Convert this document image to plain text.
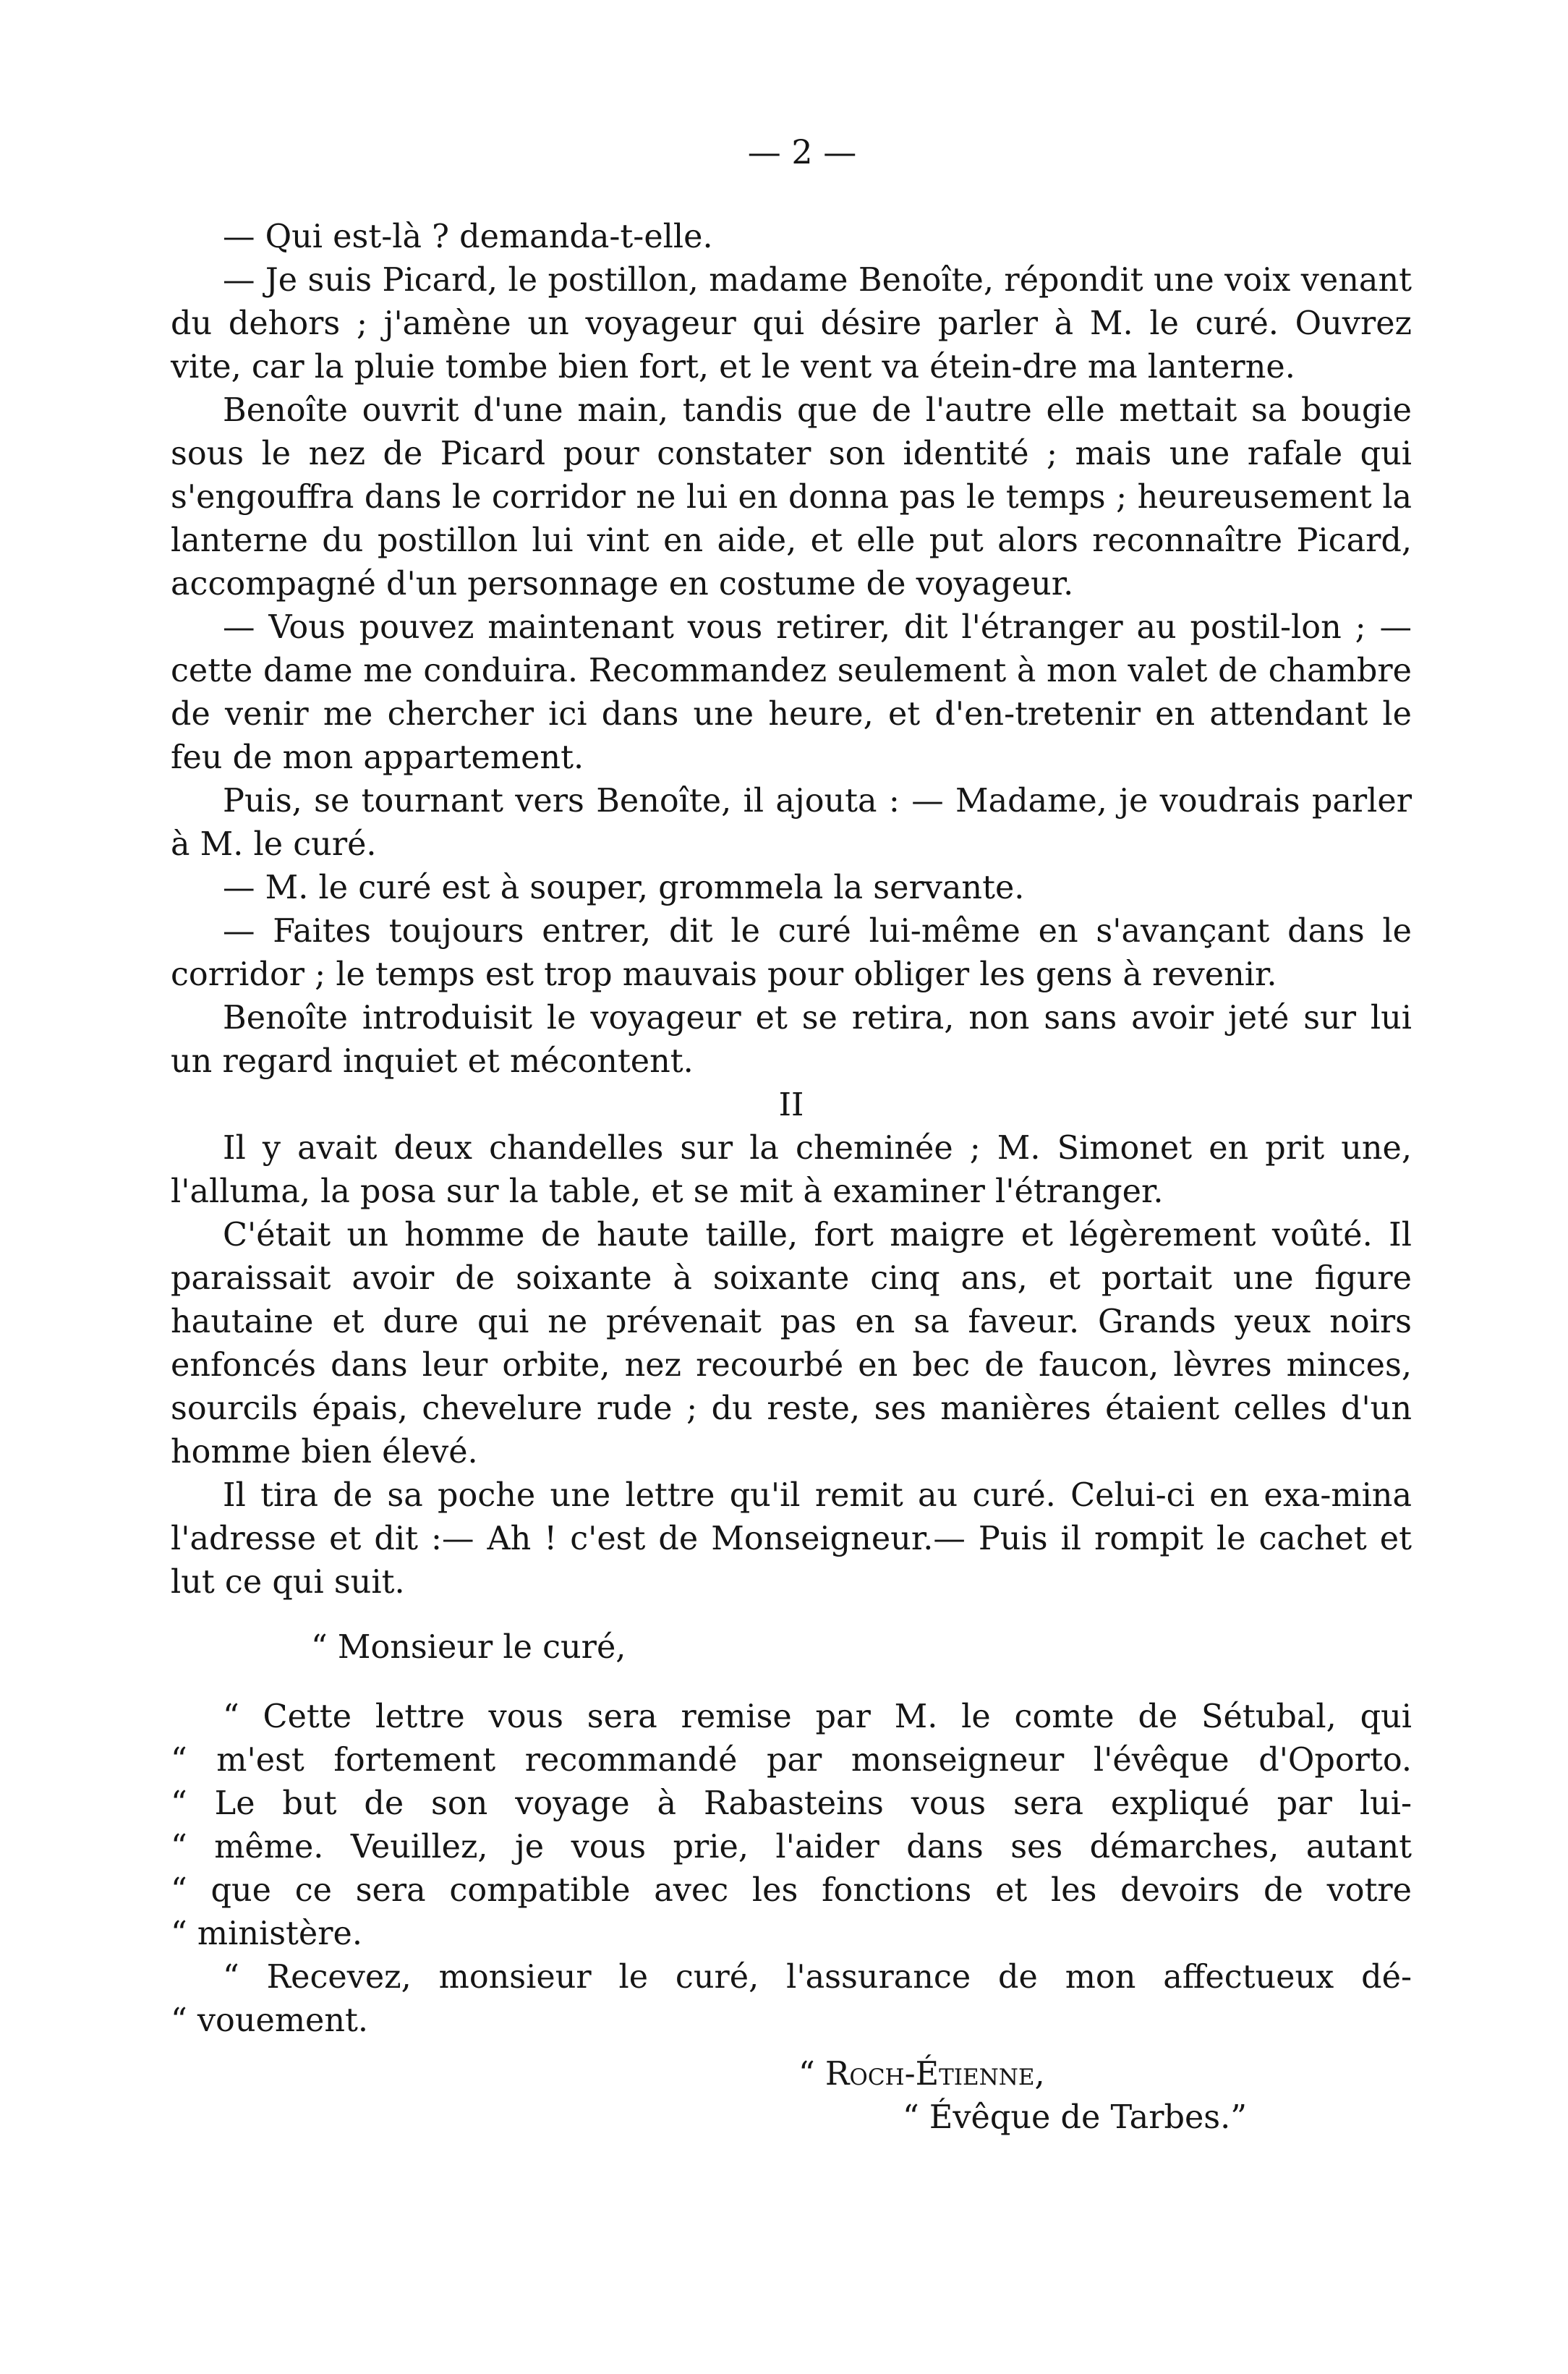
— 2 —

— Qui est-là ? demanda-t-elle.

— Je suis Picard, le postillon, madame Benoîte, répondit une voix venant du dehors ; j'amène un voyageur qui désire parler à M. le curé. Ouvrez vite, car la pluie tombe bien fort, et le vent va étein-dre ma lanterne.

Benoîte ouvrit d'une main, tandis que de l'autre elle mettait sa bougie sous le nez de Picard pour constater son identité ; mais une rafale qui s'engouffra dans le corridor ne lui en donna pas le temps ; heureusement la lanterne du postillon lui vint en aide, et elle put alors reconnaître Picard, accompagné d'un personnage en costume de voyageur.

— Vous pouvez maintenant vous retirer, dit l'étranger au postil-lon ; — cette dame me conduira. Recommandez seulement à mon valet de chambre de venir me chercher ici dans une heure, et d'en-tretenir en attendant le feu de mon appartement.

Puis, se tournant vers Benoîte, il ajouta : — Madame, je voudrais parler à M. le curé.

— M. le curé est à souper, grommela la servante.

— Faites toujours entrer, dit le curé lui-même en s'avançant dans le corridor ; le temps est trop mauvais pour obliger les gens à revenir.

Benoîte introduisit le voyageur et se retira, non sans avoir jeté sur lui un regard inquiet et mécontent.

II

Il y avait deux chandelles sur la cheminée ; M. Simonet en prit une, l'alluma, la posa sur la table, et se mit à examiner l'étranger.

C'était un homme de haute taille, fort maigre et légèrement voûté. Il paraissait avoir de soixante à soixante cinq ans, et portait une figure hautaine et dure qui ne prévenait pas en sa faveur. Grands yeux noirs enfoncés dans leur orbite, nez recourbé en bec de faucon, lèvres minces, sourcils épais, chevelure rude ; du reste, ses manières étaient celles d'un homme bien élevé.

Il tira de sa poche une lettre qu'il remit au curé. Celui-ci en exa-mina l'adresse et dit :— Ah ! c'est de Monseigneur.— Puis il rompit le cachet et lut ce qui suit.

“ Monsieur le curé,

“ Cette lettre vous sera remise par M. le comte de Sétubal, qui

“ m'est fortement recommandé par monseigneur l'évêque d'Oporto.

“ Le but de son voyage à Rabasteins vous sera expliqué par lui-

“ même. Veuillez, je vous prie, l'aider dans ses démarches, autant

“ que ce sera compatible avec les fonctions et les devoirs de votre

“ ministère.

“ Recevez, monsieur le curé, l'assurance de mon affectueux dé-

“ vouement.

“ Roch-Étienne,
“ Évêque de Tarbes.”
